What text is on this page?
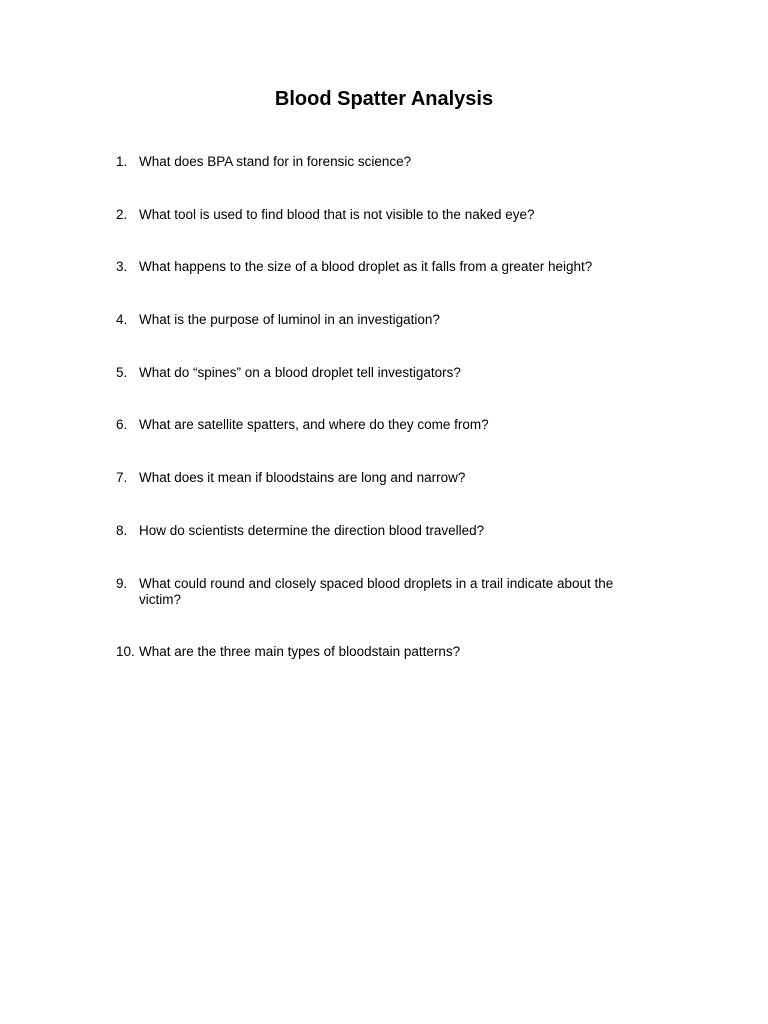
Blood Spatter Analysis
1. What does BPA stand for in forensic science?
2. What tool is used to find blood that is not visible to the naked eye?
3. What happens to the size of a blood droplet as it falls from a greater height?
4. What is the purpose of luminol in an investigation?
5. What do “spines” on a blood droplet tell investigators?
6. What are satellite spatters, and where do they come from?
7. What does it mean if bloodstains are long and narrow?
8. How do scientists determine the direction blood travelled?
9. What could round and closely spaced blood droplets in a trail indicate about the victim?
10. What are the three main types of bloodstain patterns?
